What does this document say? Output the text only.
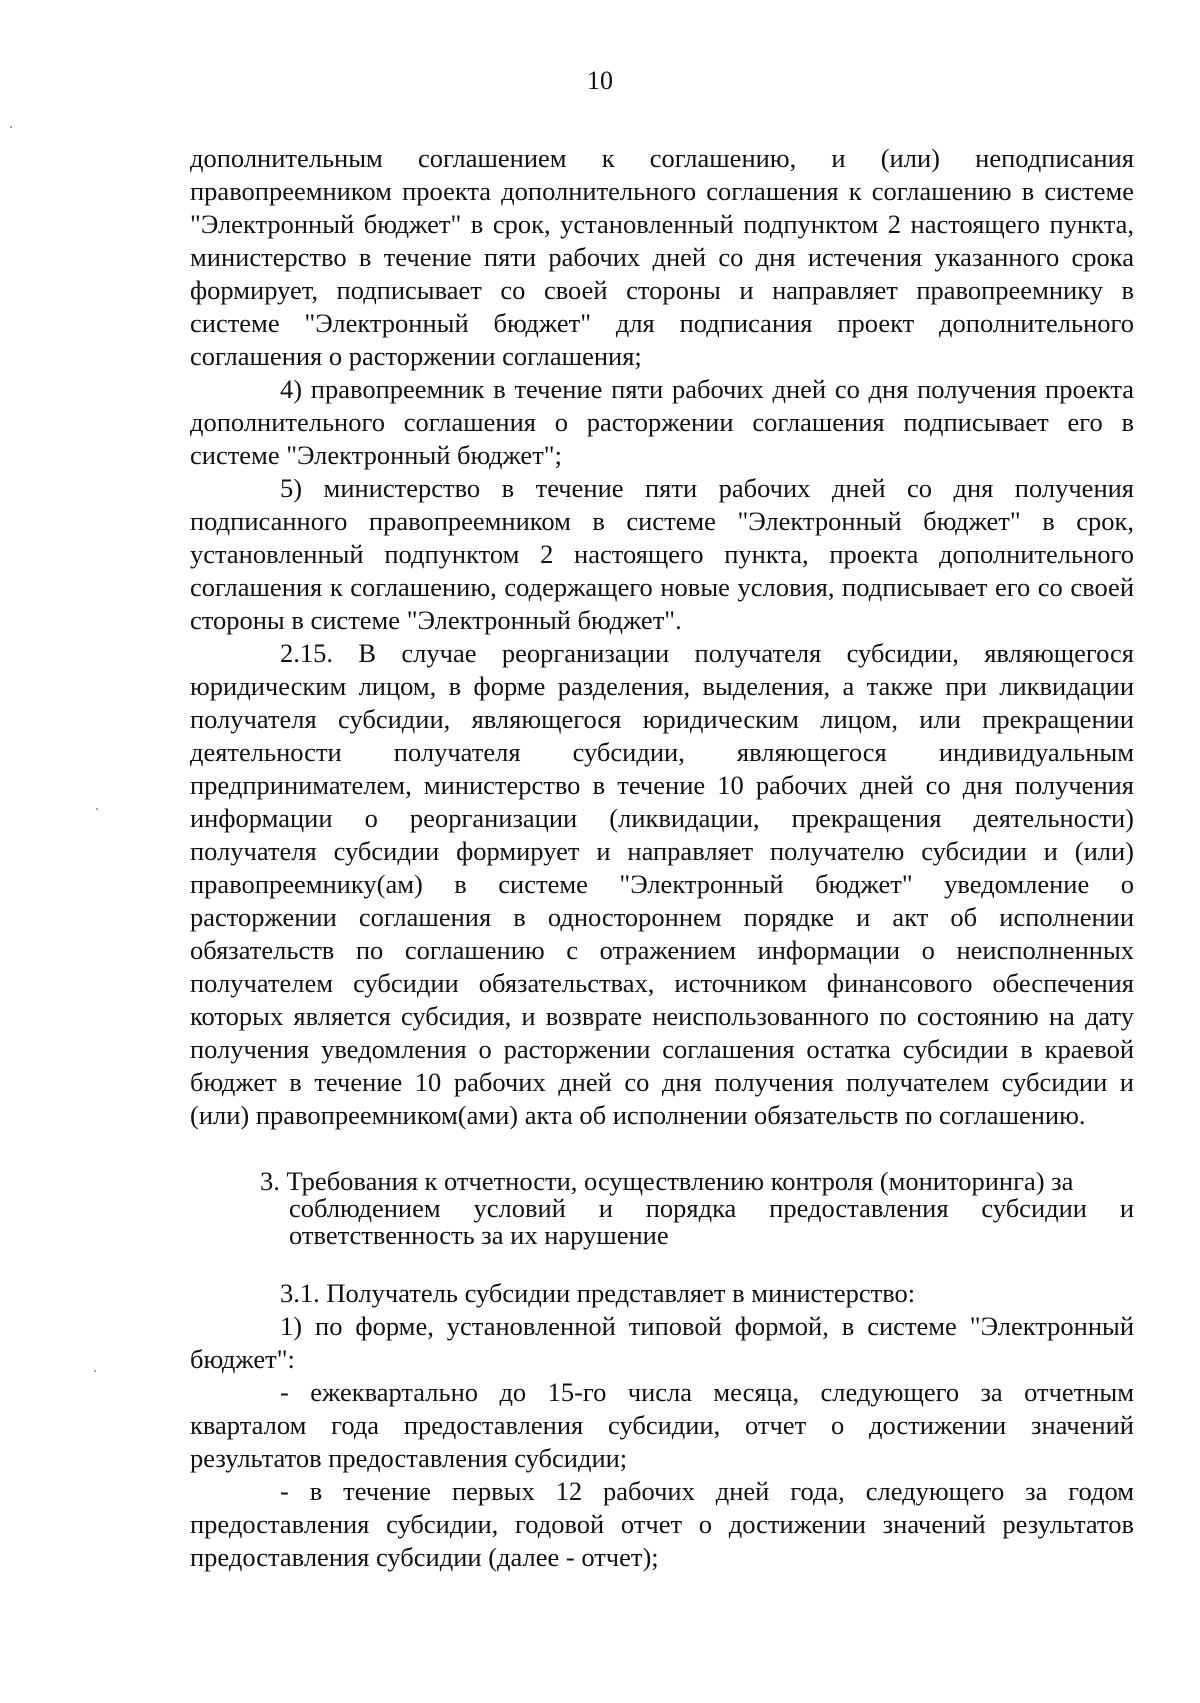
10

дополнительным соглашением к соглашению, и (или) неподписания правопреемником проекта дополнительного соглашения к соглашению в системе "Электронный бюджет" в срок, установленный подпунктом 2 настоящего пункта, министерство в течение пяти рабочих дней со дня истечения указанного срока формирует, подписывает со своей стороны и направляет правопреемнику в системе "Электронный бюджет" для подписания проект дополнительного соглашения о расторжении соглашения;

4) правопреемник в течение пяти рабочих дней со дня получения проекта дополнительного соглашения о расторжении соглашения подписывает его в системе "Электронный бюджет";

5) министерство в течение пяти рабочих дней со дня получения подписанного правопреемником в системе "Электронный бюджет" в срок, установленный подпунктом 2 настоящего пункта, проекта дополнительного соглашения к соглашению, содержащего новые условия, подписывает его со своей стороны в системе "Электронный бюджет".

2.15. В случае реорганизации получателя субсидии, являющегося юридическим лицом, в форме разделения, выделения, а также при ликвидации получателя субсидии, являющегося юридическим лицом, или прекращении деятельности получателя субсидии, являющегося индивидуальным предпринимателем, министерство в течение 10 рабочих дней со дня получения информации о реорганизации (ликвидации, прекращения деятельности) получателя субсидии формирует и направляет получателю субсидии и (или) правопреемнику(ам) в системе "Электронный бюджет" уведомление о расторжении соглашения в одностороннем порядке и акт об исполнении обязательств по соглашению с отражением информации о неисполненных получателем субсидии обязательствах, источником финансового обеспечения которых является субсидия, и возврате неиспользованного по состоянию на дату получения уведомления о расторжении соглашения остатка субсидии в краевой бюджет в течение 10 рабочих дней со дня получения получателем субсидии и (или) правопреемником(ами) акта об исполнении обязательств по соглашению.

3. Требования к отчетности, осуществлению контроля (мониторинга) за
соблюдением условий и порядка предоставления субсидии и ответственность за их нарушение

3.1. Получатель субсидии представляет в министерство:

1) по форме, установленной типовой формой, в системе "Электронный бюджет":

- ежеквартально до 15-го числа месяца, следующего за отчетным кварталом года предоставления субсидии, отчет о достижении значений результатов предоставления субсидии;

- в течение первых 12 рабочих дней года, следующего за годом предоставления субсидии, годовой отчет о достижении значений результатов предоставления субсидии (далее - отчет);
